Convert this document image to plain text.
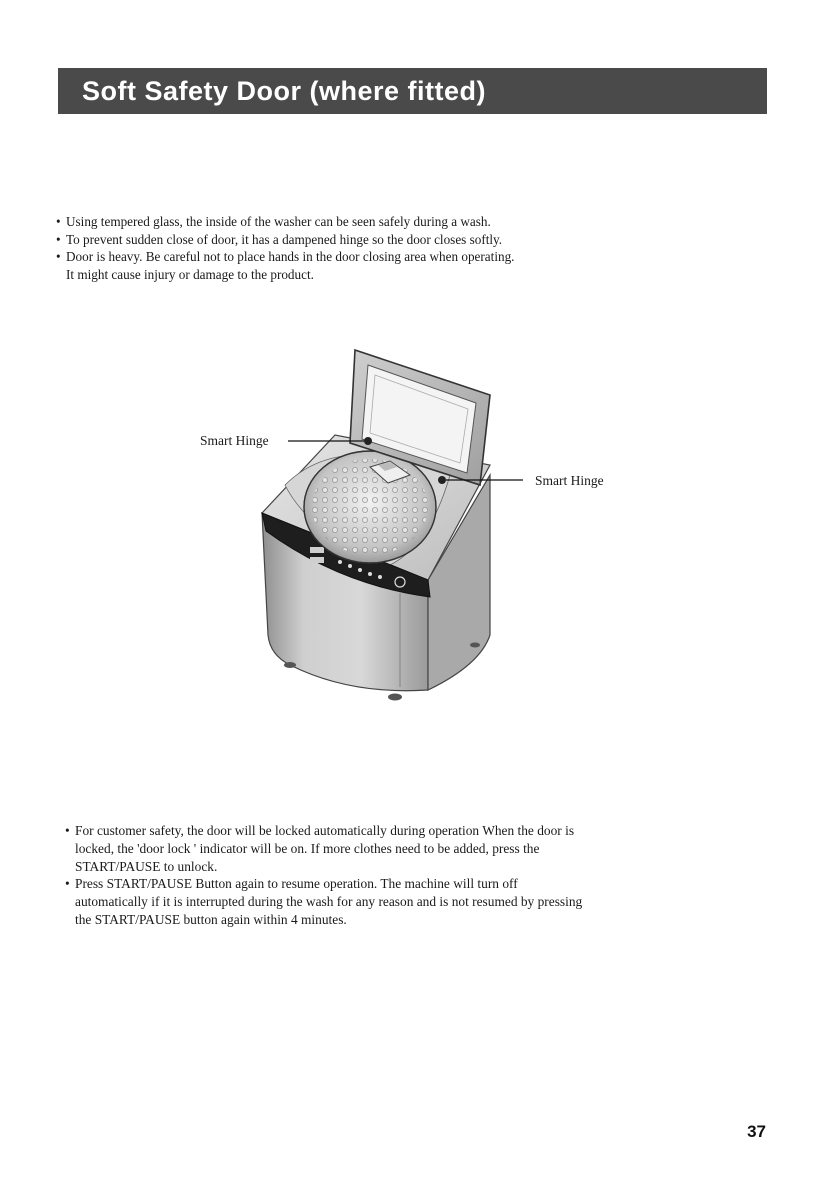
Soft Safety Door (where fitted)
• Using tempered glass, the inside of the washer can be seen safely during a wash.
• To prevent sudden close of door, it has a dampened hinge so the door closes softly.
• Door is heavy. Be careful not to place hands in the door closing area when operating.
It might cause injury or damage to the product.
Smart Hinge
Smart Hinge
• For customer safety, the door will be locked automatically during operation When the door is
locked, the 'door lock ' indicator will be on. If more clothes need to be added, press the
START/PAUSE to unlock.
• Press START/PAUSE Button again to resume operation. The machine will turn off
automatically if it is interrupted during the wash for any reason and is not resumed by pressing
the START/PAUSE button again within 4 minutes.
37
